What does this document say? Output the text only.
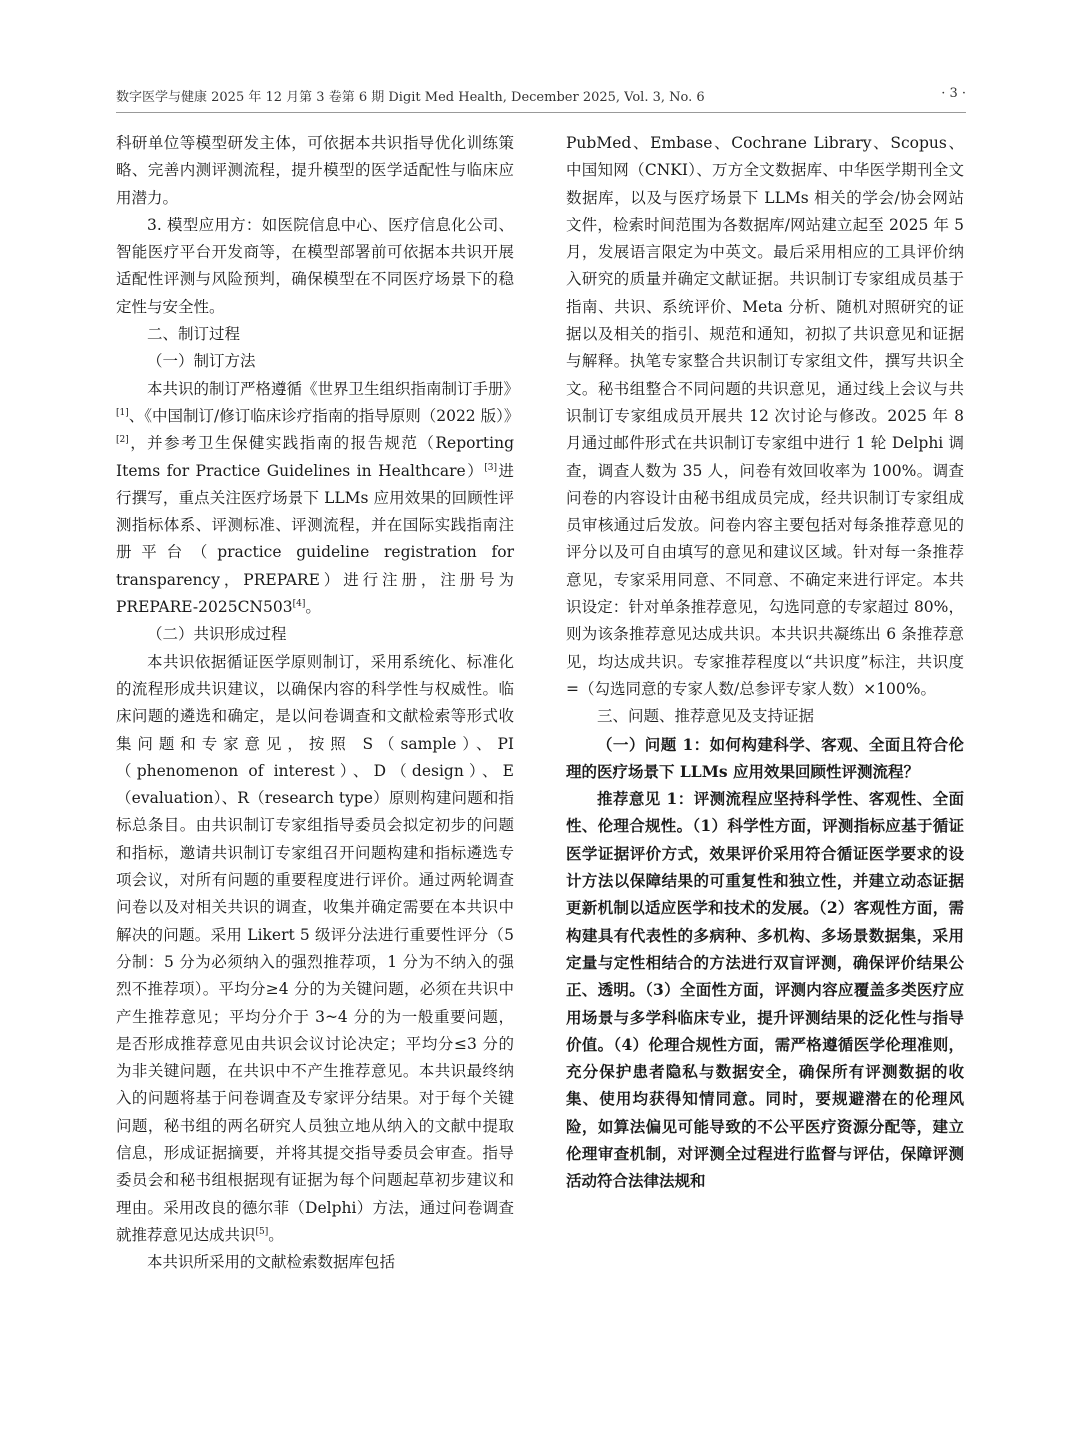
数字医学与健康 2025 年 12 月第 3 卷第 6 期 Digit Med Health, December 2025, Vol. 3, No. 6	· 3 ·

科研单位等模型研发主体，可依据本共识指导优化训练策略、完善内测评测流程，提升模型的医学适配性与临床应用潜力。

3. 模型应用方：如医院信息中心、医疗信息化公司、智能医疗平台开发商等，在模型部署前可依据本共识开展适配性评测与风险预判，确保模型在不同医疗场景下的稳定性与安全性。

二、制订过程

（一）制订方法

本共识的制订严格遵循《世界卫生组织指南制订手册》[1]、《中国制订/修订临床诊疗指南的指导原则（2022 版）》[2]，并参考卫生保健实践指南的报告规范（Reporting Items for Practice Guidelines in Healthcare）[3]进行撰写，重点关注医疗场景下 LLMs 应用效果的回顾性评测指标体系、评测标准、评测流程，并在国际实践指南注册平台（practice guideline registration for transparency，PREPARE）进行注册，注册号为 PREPARE-2025CN503[4]。

（二）共识形成过程

本共识依据循证医学原则制订，采用系统化、标准化的流程形成共识建议，以确保内容的科学性与权威性。临床问题的遴选和确定，是以问卷调查和文献检索等形式收集问题和专家意见，按照 S（sample）、PI（phenomenon of interest）、D（design）、E（evaluation）、R（research type）原则构建问题和指标总条目。由共识制订专家组指导委员会拟定初步的问题和指标，邀请共识制订专家组召开问题构建和指标遴选专项会议，对所有问题的重要程度进行评价。通过两轮调查问卷以及对相关共识的调查，收集并确定需要在本共识中解决的问题。采用 Likert 5 级评分法进行重要性评分（5 分制：5 分为必须纳入的强烈推荐项，1 分为不纳入的强烈不推荐项）。平均分≥4 分的为关键问题，必须在共识中产生推荐意见；平均分介于 3~4 分的为一般重要问题，是否形成推荐意见由共识会议讨论决定；平均分≤3 分的为非关键问题，在共识中不产生推荐意见。本共识最终纳入的问题将基于问卷调查及专家评分结果。对于每个关键问题，秘书组的两名研究人员独立地从纳入的文献中提取信息，形成证据摘要，并将其提交指导委员会审查。指导委员会和秘书组根据现有证据为每个问题起草初步建议和理由。采用改良的德尔菲（Delphi）方法，通过问卷调查就推荐意见达成共识[5]。

本共识所采用的文献检索数据库包括

PubMed、Embase、Cochrane Library、Scopus、中国知网（CNKI）、万方全文数据库、中华医学期刊全文数据库，以及与医疗场景下 LLMs 相关的学会/协会网站文件，检索时间范围为各数据库/网站建立起至 2025 年 5 月，发展语言限定为中英文。最后采用相应的工具评价纳入研究的质量并确定文献证据。共识制订专家组成员基于指南、共识、系统评价、Meta 分析、随机对照研究的证据以及相关的指引、规范和通知，初拟了共识意见和证据与解释。执笔专家整合共识制订专家组文件，撰写共识全文。秘书组整合不同问题的共识意见，通过线上会议与共识制订专家组成员开展共 12 次讨论与修改。2025 年 8 月通过邮件形式在共识制订专家组中进行 1 轮 Delphi 调查，调查人数为 35 人，问卷有效回收率为 100%。调查问卷的内容设计由秘书组成员完成，经共识制订专家组成员审核通过后发放。问卷内容主要包括对每条推荐意见的评分以及可自由填写的意见和建议区域。针对每一条推荐意见，专家采用同意、不同意、不确定来进行评定。本共识设定：针对单条推荐意见，勾选同意的专家超过 80%，则为该条推荐意见达成共识。本共识共凝练出 6 条推荐意见，均达成共识。专家推荐程度以“共识度”标注，共识度=（勾选同意的专家人数/总参评专家人数）×100%。

三、问题、推荐意见及支持证据

（一）问题 1：如何构建科学、客观、全面且符合伦理的医疗场景下 LLMs 应用效果回顾性评测流程？

推荐意见 1：评测流程应坚持科学性、客观性、全面性、伦理合规性。（1）科学性方面，评测指标应基于循证医学证据评价方式，效果评价采用符合循证医学要求的设计方法以保障结果的可重复性和独立性，并建立动态证据更新机制以适应医学和技术的发展。（2）客观性方面，需构建具有代表性的多病种、多机构、多场景数据集，采用定量与定性相结合的方法进行双盲评测，确保评价结果公正、透明。（3）全面性方面，评测内容应覆盖多类医疗应用场景与多学科临床专业，提升评测结果的泛化性与指导价值。（4）伦理合规性方面，需严格遵循医学伦理准则，充分保护患者隐私与数据安全，确保所有评测数据的收集、使用均获得知情同意。同时，要规避潜在的伦理风险，如算法偏见可能导致的不公平医疗资源分配等，建立伦理审查机制，对评测全过程进行监督与评估，保障评测活动符合法律法规和
